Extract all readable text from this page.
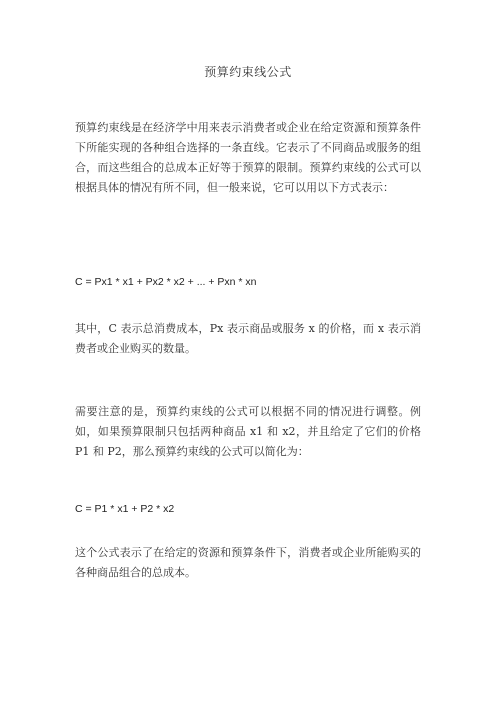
预算约束线公式
预算约束线是在经济学中用来表示消费者或企业在给定资源和预算条件下所能实现的各种组合选择的一条直线。它表示了不同商品或服务的组合，而这些组合的总成本正好等于预算的限制。预算约束线的公式可以根据具体的情况有所不同，但一般来说，它可以用以下方式表示：
C = Px1 * x1 + Px2 * x2 + ... + Pxn * xn
其中，C 表示总消费成本，Px 表示商品或服务 x 的价格，而 x 表示消费者或企业购买的数量。
需要注意的是，预算约束线的公式可以根据不同的情况进行调整。例如，如果预算限制只包括两种商品 x1 和 x2，并且给定了它们的价格 P1 和 P2，那么预算约束线的公式可以简化为：
C = P1 * x1 + P2 * x2
这个公式表示了在给定的资源和预算条件下，消费者或企业所能购买的各种商品组合的总成本。
